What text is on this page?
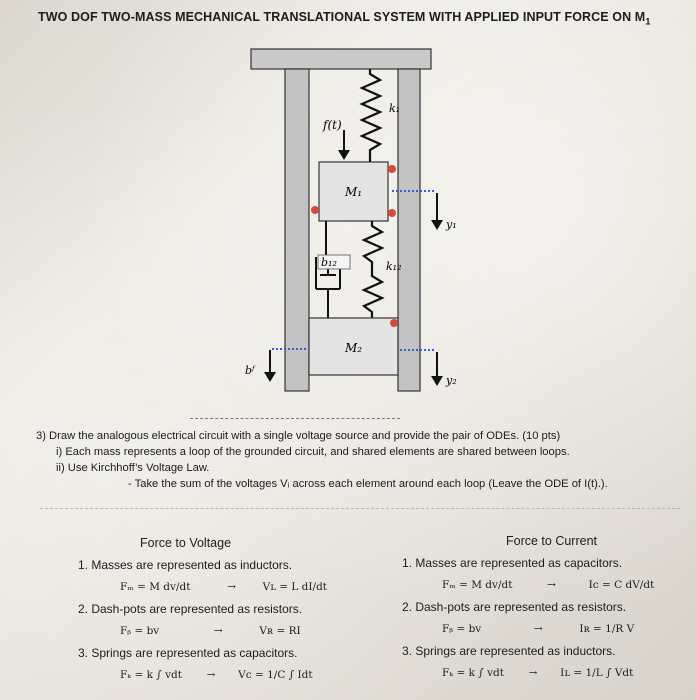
TWO DOF TWO-MASS MECHANICAL TRANSLATIONAL SYSTEM WITH APPLIED INPUT FORCE ON $M_1$
f(t)
k₁
M₁
y₁
b₁₂	k₁₂
M₂
y₂
bᶠ
3) Draw the analogous electrical circuit with a single voltage source and provide the pair of ODEs. (10 pts)
i) Each mass represents a loop of the grounded circuit, and shared elements are shared between loops.
ii) Use Kirchhoff’s Voltage Law.
- Take the sum of the voltages Vᵢ across each element around each loop (Leave the ODE of I(t).).
Force to Voltage
1. Masses are represented as inductors.
Fₘ = M dv/dt	→	Vʟ = L dI/dt
2. Dash-pots are represented as resistors.
Fᵦ = bv	→	Vʀ = RI
3. Springs are represented as capacitors.
Fₖ = k ∫ vdt → Vc = 1/C ∫ Idt
Force to Current
1. Masses are represented as capacitors.
Fₘ = M dv/dt	→	Ic = C dV/dt
2. Dash-pots are represented as resistors.
Fᵦ = bv	→	Iʀ = 1/R V
3. Springs are represented as inductors.
Fₖ = k ∫ vdt → Iʟ = 1/L ∫ Vdt
